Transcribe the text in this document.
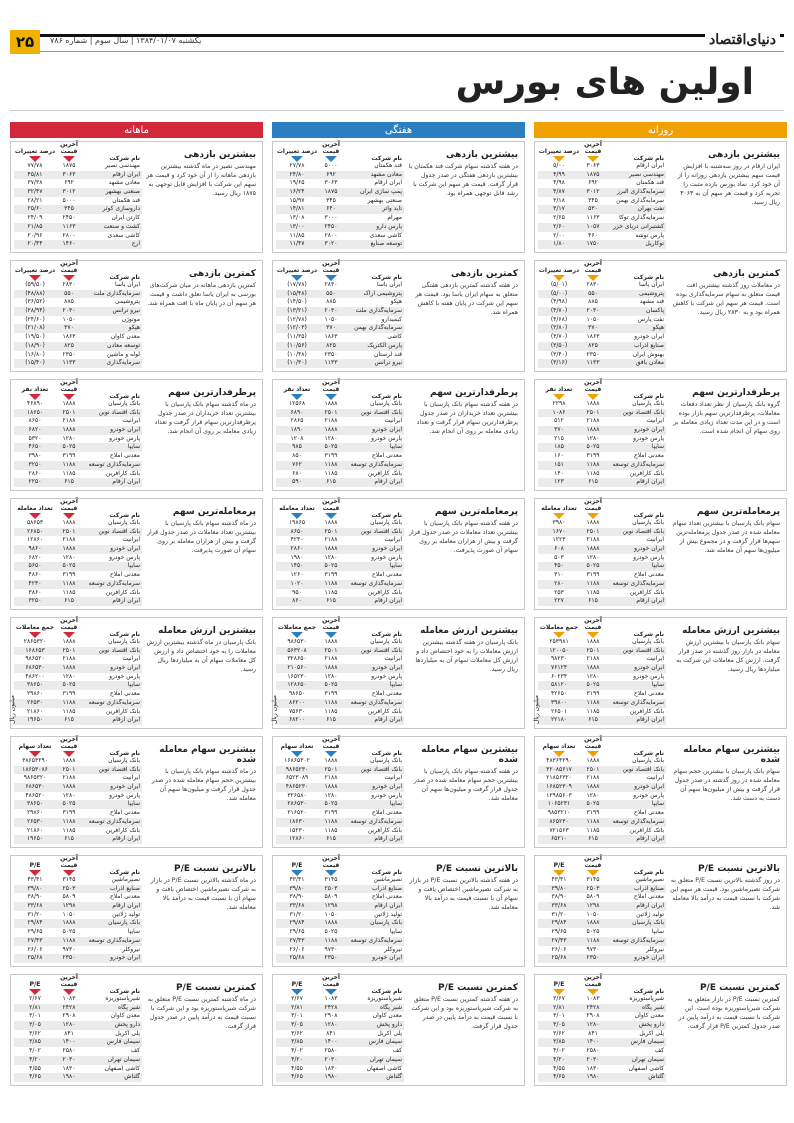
۲۵	یکشنبه ۱۳۸۴/۰۱/۰۷ | سال سوم | شماره ۷۸۶	دنیای‌اقتصاد
اولین های بورس
روزانه
درصد تغییرات
آخرین قیمت
نام شرکت
۵/۰۰	۳۰۶۳	ایران ارقام
۴/۹۹	۱۸۷۵	مهندسی نصیر
۴/۹۸	۶۹۲	قند هکمتان
۴/۸۷	۳۰۱۲	سرمایه‌گذاری البرز
۳/۱۸	۳۴۵	سرمایه‌گذاری بهمن
۳/۱۷	۵۳۰	نفت بهران
۲/۶۵	۱۱۶۳	سرمایه‌گذاری توکا
۲/۶۰	۱۰۵۷	کشتیرانی دریای خزر
۲/۰۰	۴۶۰	پارس توشه
۱/۸۰	۱۷۵۰	توکاریل
بیشترین بازدهی
ایران ارقام در روز سه‌شنبه با افزایش قیمت سهم بیشترین بازدهی روزانه را از آن خود کرد. نماد بورس بازده مثبت را تجربه کرد و قیمت هر سهم آن به ۳۰۶۳ ریال رسید.
درصد تغییرات
آخرین قیمت
نام شرکت
(۵/۰۱)	۲۸۳۰	ایران یاسا
(۵/۰۰)	۵۵۰	پتروشیمی
(۴/۹۸)	۸۸۵	قند مشهد
(۴/۷۰)	۲۰۳۰	پاکسان
(۴/۶۸)	۱۰۵۰	نفت پارس
(۳/۸۰)	۳۷۰	هپکو
(۳/۷۰)	۱۸۶۳	ایران خودرو
(۳/۵۰)	۸۲۵	صنایع آذرآب
(۳/۴۰)	۲۳۵۰	بهنوش ایران
(۳/۱۶)	۱۱۳۳	معادن بافق
کمترین بازدهی
در معاملات روز گذشته بیشترین افت قیمت متعلق به سهام سرمایه‌گذاری بوده است. قیمت هر سهم این شرکت با کاهش همراه بود و به ۲۸۳۰ ریال رسید.
تعداد نفر
آخرین قیمت
نام شرکت
۲۲۹۸	۱۸۸۸	بانک پارسیان
۱۰۸۶	۲۵۰۱	بانک اقتصاد نوین
۵۱۲	۲۱۸۸	ایرانیت
۳۷۰	۱۸۸۸	ایران خودرو
۲۱۵	۱۲۸۰	پارس خودرو
۱۸۵	۵۰۲۵	سایپا
۱۶۰	۳۱۹۹	معدنی املاح
۱۵۱	۱۱۸۸	سرمایه‌گذاری توسعه
۱۴۰	۱۱۸۵	بانک کارآفرین
۱۲۳	۶۱۵	ایران ارقام
پرطرفدارترین سهم
گروه بانک پارسیان از نظر تعداد دفعات معاملات، پرطرفدارترین سهم بازار بوده است و در این مدت تعداد زیادی معامله بر روی سهام آن انجام شده است.
تعداد معامله
آخرین قیمت
نام شرکت
۳۹۸۰	۱۸۸۸	بانک پارسیان
۱۶۷۰	۲۵۰۱	بانک اقتصاد نوین
۱۲۲۳	۲۱۸۸	ایرانیت
۶۰۸	۱۸۸۸	ایران خودرو
۵۰۳	۱۲۸۰	پارس خودرو
۴۵۰	۵۰۲۵	سایپا
۳۱۰	۳۱۹۹	معدنی املاح
۲۸۰	۱۱۸۸	سرمایه‌گذاری توسعه
۲۵۳	۱۱۸۵	بانک کارآفرین
۲۲۷	۶۱۵	ایران ارقام
پرمعامله‌ترین سهم
سهام بانک پارسیان با بیشترین تعداد سهام معامله شده در صدر جدول پرمعامله‌ترین سهم‌ها قرار گرفت و در مجموع بیش از میلیون‌ها سهم آن معامله شد.
جمع معاملات
آخرین قیمت
نام شرکت
۲۵۳۹۸۱	۱۸۸۸	بانک پارسیان
۱۲۰۰۵۰	۲۵۰۱	بانک اقتصاد نوین
۹۸۲۳۰	۲۱۸۸	ایرانیت
۷۶۱۲۴	۱۸۸۸	ایران خودرو
۶۰۲۳۴	۱۲۸۰	پارس خودرو
۵۸۱۲۰	۵۰۲۵	سایپا
۴۲۶۵۰	۳۱۹۹	معدنی املاح
۳۹۸۰۰	۱۱۸۸	سرمایه‌گذاری توسعه
۲۶۵۰۱	۱۱۸۵	بانک کارآفرین
۲۲۱۸۰	۶۱۵	ایران ارقام
بیشترین ارزش معامله
سهام بانک پارسیان با بیشترین ارزش معامله در بازار روز گذشته در صدر قرار گرفت. ارزش کل معاملات این شرکت به میلیاردها ریال رسید.
میلیون ریال
تعداد سهام
آخرین قیمت
نام شرکت
۴۸۳۶۴۲۹۰	۱۸۸۸	بانک پارسیان
۳۲۰۸۵۶۱۷	۲۵۰۱	بانک اقتصاد نوین
۲۱۸۵۶۳۲۰	۲۱۸۸	ایرانیت
۱۶۸۵۲۳۰۹	۱۸۸۸	ایران خودرو
۱۲۹۸۵۶۰۳	۱۲۸۰	پارس خودرو
۱۰۶۵۲۳۱	۵۰۲۵	سایپا
۹۸۵۳۲۱۰	۳۱۹۹	معدنی املاح
۸۶۵۲۳۰	۱۱۸۸	سرمایه‌گذاری توسعه
۷۲۱۵۶۳	۱۱۸۵	بانک کارآفرین
۶۵۲۱۰	۶۱۵	ایران ارقام
بیشترین سهام معامله شده
سهام بانک پارسیان با بیشترین حجم سهام معامله شده در روز گذشته در صدر جدول قرار گرفت و بیش از میلیون‌ها سهم آن دست به دست شد.
P/E
آخرین قیمت
نام شرکت
۴۳/۴۱	۳۱۴۵	نصیرماشین
۳۹/۸۰	۲۵۰۳	صنایع آذرآب
۳۸/۹۰	۵۸۰۹	معدنی املاح
۳۳/۶۸	۱۲۹۸	ایران ارقام
۳۱/۲۰	۱۰۵۰	تولید ژلاتین
۲۹/۸۴	۱۸۸۸	بانک پارسیان
۲۹/۶۵	۵۰۲۵	سایپا
۲۷/۴۳	۱۱۸۸	سرمایه‌گذاری توسعه
۲۶/۰۶	۹۷۳۰	نیروکلر
۲۵/۶۸	۲۳۵۰	ایران خودرو
بالاترین نسبت P/E
در روز گذشته بالاترین نسبت P/E متعلق به شرکت نصیرماشین بود. قیمت هر سهم این شرکت با نسبت قیمت به درآمد بالا معامله شد.
P/E
آخرین قیمت
نام شرکت
۲/۶۷	۱۰۸۳	شیرپاستوریزه
۲/۸۱	۲۴۲۸	شیر پگاه
۳/۰۱	۲۹۰۸	معدن کاوان
۳/۰۵	۱۲۸۰	دارو پخش
۳/۶۲	۸۴۱	پلی اکریل
۳/۸۵	۱۴۰۰	سیمان فارس
۴/۰۲	۲۵۸۰	کف
۴/۲۰	۲۰۳۰	سیمان تهران
۴/۵۵	۱۸۳۰	کاشی اصفهان
۴/۶۵	۱۹۸۰	گلتاش
کمترین نسبت P/E
کمترین نسبت P/E در بازار متعلق به شرکت شیرپاستوریزه بوده است. این شرکت با نسبت قیمت به درآمد پایین در صدر جدول کمترین P/E قرار گرفت.
هفتگی
درصد تغییرات
آخرین قیمت
نام شرکت
۲۷/۷۸	۵۰۰۰	قند هکمتان
۲۴/۸۰	۶۹۲	معادن مشهد
۱۹/۶۵	۳۰۶۳	ایران ارقام
۱۶/۲۴	۱۸۷۵	پمپ سازی ایران
۱۵/۹۷	۳۴۵	صنعتی بهشهر
۱۴/۸۱	۶۴۰	تاید واتر
۱۳/۰۸	۳۰۰۰	مهرام
۱۳/۰۰	۲۴۵۰	پارس دارو
۱۱/۸۵	۲۸۰۰	کاشی سعدی
۱۱/۴۷	۳۰۲۰	توسعه صنایع
بیشترین بازدهی
در هفته گذشته سهام شرکت قند هکمتان با بیشترین بازدهی هفتگی در صدر جدول قرار گرفت. قیمت هر سهم این شرکت با رشد قابل توجهی همراه بود.
درصد تغییرات
آخرین قیمت
نام شرکت
(۱۷/۷۸)	۲۸۳۰	ایران یاسا
(۱۵/۴۸)	۵۵۰	پتروشیمی اراک
(۱۴/۵۰)	۸۸۵	هپکو
(۱۳/۲۱)	۲۰۳۰	سرمایه‌گذاری ملت
(۱۲/۷۸)	۱۰۵۰	کیمیدارو
(۱۲/۰۳)	۳۷۰	سرمایه‌گذاری بهمن
(۱۱/۳۵)	۱۸۶۳	کاشی
(۱۰/۵۶)	۸۲۵	پارس الکتریک
(۱۰/۴۸)	۲۳۵۰	قند لرستان
(۱۰/۳۰)	۱۱۳۳	نیرو ترانس
کمترین بازدهی
در هفته گذشته کمترین بازدهی هفتگی متعلق به سهام ایران یاسا بود. قیمت هر سهم این شرکت در پایان هفته با کاهش همراه شد.
تعداد نفر
آخرین قیمت
نام شرکت
۱۲۵۶۸	۱۸۸۸	بانک پارسیان
۶۸۹۰	۲۵۰۱	بانک اقتصاد نوین
۲۸۶۵	۲۱۸۸	ایرانیت
۱۸۹۰	۱۸۸۸	ایران خودرو
۱۲۰۸	۱۲۸۰	پارس خودرو
۹۸۵	۵۰۲۵	سایپا
۸۵۰	۳۱۹۹	معدنی املاح
۷۶۲	۱۱۸۸	سرمایه‌گذاری توسعه
۶۸۰	۱۱۸۵	بانک کارآفرین
۵۹۰	۶۱۵	ایران ارقام
پرطرفدارترین سهم
در هفته گذشته سهام بانک پارسیان با بیشترین تعداد خریداران در صدر جدول پرطرفدارترین سهام قرار گرفت و تعداد زیادی معامله بر روی آن انجام شد.
تعداد معامله
آخرین قیمت
نام شرکت
۱۹۸۶۵	۱۸۸۸	بانک پارسیان
۸۶۵۰	۲۵۰۱	بانک اقتصاد نوین
۴۲۳۰	۲۱۸۸	ایرانیت
۲۸۶۰	۱۸۸۸	ایران خودرو
۱۹۸۰	۱۲۸۰	پارس خودرو
۱۴۵۰	۵۰۲۵	سایپا
۱۲۶۰	۳۱۹۹	معدنی املاح
۱۰۲۰	۱۱۸۸	سرمایه‌گذاری توسعه
۹۵۰	۱۱۸۵	بانک کارآفرین
۸۶۰	۶۱۵	ایران ارقام
پرمعامله‌ترین سهم
در هفته گذشته سهام بانک پارسیان با بیشترین تعداد معاملات در صدر جدول قرار گرفت و بیش از هزاران معامله بر روی سهام آن صورت پذیرفت.
جمع معاملات
آخرین قیمت
نام شرکت
۹۸۶۵۳۰	۱۸۸۸	بانک پارسیان
۵۶۳۲۰۸	۲۵۰۱	بانک اقتصاد نوین
۳۲۸۶۵۰	۲۱۸۸	ایرانیت
۲۱۰۵۶۰	۱۸۸۸	ایران خودرو
۱۶۵۲۳۰	۱۲۸۰	پارس خودرو
۱۲۸۶۵۰	۵۰۲۵	سایپا
۹۸۶۵۰	۳۱۹۹	معدنی املاح
۸۶۲۰۰	۱۱۸۸	سرمایه‌گذاری توسعه
۷۵۶۳۰	۱۱۸۵	بانک کارآفرین
۶۸۲۰۰	۶۱۵	ایران ارقام
بیشترین ارزش معامله
بانک پارسیان در هفته گذشته بیشترین ارزش معاملات را به خود اختصاص داد و ارزش کل معاملات سهام آن به میلیاردها ریال رسید.
میلیون ریال
تعداد سهام
آخرین قیمت
نام شرکت
۱۶۸۶۵۳۰۲	۱۸۸۸	بانک پارسیان
۹۸۶۵۲۳۰	۲۵۰۱	بانک اقتصاد نوین
۶۵۲۳۰۸۹	۲۱۸۸	ایرانیت
۴۸۶۵۲۳۰	۱۸۸۸	ایران خودرو
۳۲۶۵۸۰	۱۲۸۰	پارس خودرو
۲۸۶۵۳۰	۵۰۲۵	سایپا
۲۱۶۵۲۰	۳۱۹۹	معدنی املاح
۱۸۶۳۰	۱۱۸۸	سرمایه‌گذاری توسعه
۱۵۲۳۰	۱۱۸۵	بانک کارآفرین
۱۲۸۶۰	۶۱۵	ایران ارقام
بیشترین سهام معامله شده
در هفته گذشته سهام بانک پارسیان با بیشترین حجم سهام معامله شده در صدر جدول قرار گرفت و میلیون‌ها سهم آن معامله شد.
P/E
آخرین قیمت
نام شرکت
۴۳/۴۱	۳۱۴۵	نصیرماشین
۳۹/۸۰	۲۵۰۳	صنایع آذرآب
۳۸/۹۰	۵۸۰۹	معدنی املاح
۳۳/۶۸	۱۲۹۸	ایران ارقام
۳۱/۲۰	۱۰۵۰	تولید ژلاتین
۲۹/۸۴	۱۸۸۸	بانک پارسیان
۲۹/۶۵	۵۰۲۵	سایپا
۲۷/۴۳	۱۱۸۸	سرمایه‌گذاری توسعه
۲۶/۰۶	۹۷۳۰	نیروکلر
۲۵/۶۸	۲۳۵۰	ایران خودرو
بالاترین نسبت P/E
در هفته گذشته بالاترین نسبت P/E در بازار به شرکت نصیرماشین اختصاص یافت و سهام آن با نسبت قیمت به درآمد بالا معامله شد.
P/E
آخرین قیمت
نام شرکت
۲/۶۷	۱۰۸۳	شیرپاستوریزه
۲/۸۱	۲۴۲۸	شیر پگاه
۳/۰۱	۲۹۰۸	معدن کاوان
۳/۰۵	۱۲۸۰	دارو پخش
۳/۶۲	۸۴۱	پلی اکریل
۳/۸۵	۱۴۰۰	سیمان فارس
۴/۰۲	۲۵۸۰	کف
۴/۲۰	۲۰۳۰	سیمان تهران
۴/۵۵	۱۸۳۰	کاشی اصفهان
۴/۶۵	۱۹۸۰	گلتاش
کمترین نسبت P/E
در هفته گذشته کمترین نسبت P/E متعلق به شرکت شیرپاستوریزه بود و این شرکت با نسبت قیمت به درآمد پایین در صدر جدول قرار گرفت.
ماهانه
درصد تغییرات
آخرین قیمت
نام شرکت
۷۷/۷۸	۱۸۷۵	مهندسی نصیر
۴۵/۸۱	۳۰۶۳	ایران ارقام
۳۷/۳۸	۶۹۲	معادن مشهد
۳۲/۴۷	۳۰۱۲	صنعتی بهشهر
۲۸/۲۱	۵۰۰۰	قند هکمتان
۲۵/۶۰	۳۴۵	داروسازی کوثر
۲۴/۰۹	۲۴۵۰	کارتن ایران
۲۱/۸۵	۱۱۶۳	کشت و صنعت
۲۰/۹۶	۲۸۰۰	کاشی سعدی
۲۰/۴۴	۱۴۶۰	ارج
بیشترین بازدهی
مهندسی نصیر در ماه گذشته بیشترین بازدهی ماهانه را از آن خود کرد و قیمت هر سهم این شرکت با افزایش قابل توجهی به ۱۸۷۵ ریال رسید.
درصد تغییرات
آخرین قیمت
نام شرکت
(۵۹/۵۰)	۲۸۳۰	ایران یاسا
(۴۸/۸۸)	۵۵۰	سرمایه‌گذاری ملت
(۳۶/۵۲)	۸۸۵	پتروشیمی
(۲۸/۹۴)	۲۰۳۰	نیرو ترانس
(۲۴/۶۰)	۱۰۵۰	موتوژن
(۲۱/۰۸)	۳۷۰	هپکو
(۱۹/۵۰)	۱۸۶۳	معدن کاوان
(۱۸/۹۰)	۸۲۵	توسعه معادن
(۱۶/۸۰)	۲۳۵۰	لوله و ماشین
(۱۵/۴۰)	۱۱۳۳	سرمایه‌گذاری
کمترین بازدهی
کمترین بازدهی ماهانه در میان شرکت‌های بورسی به ایران یاسا تعلق داشت و قیمت هر سهم آن در پایان ماه با افت همراه شد.
تعداد نفر
آخرین قیمت
نام شرکت
۴۶۸۹۰	۱۸۸۸	بانک پارسیان
۱۸۶۵۰	۲۵۰۱	بانک اقتصاد نوین
۸۶۵۰	۲۱۸۸	ایرانیت
۶۸۲۰	۱۸۸۸	ایران خودرو
۵۳۲۰	۱۲۸۰	پارس خودرو
۴۶۵۰	۵۰۲۵	سایپا
۳۹۸۰	۳۱۹۹	معدنی املاح
۳۲۵۰	۱۱۸۸	سرمایه‌گذاری توسعه
۲۸۶۰	۱۱۸۵	بانک کارآفرین
۲۲۵۰	۶۱۵	ایران ارقام
پرطرفدارترین سهم
در ماه گذشته سهام بانک پارسیان با بیشترین تعداد خریداران در صدر جدول پرطرفدارترین سهام قرار گرفت و تعداد زیادی معامله بر روی آن انجام شد.
تعداد معامله
آخرین قیمت
نام شرکت
۵۸۶۵۳	۱۸۸۸	بانک پارسیان
۲۶۸۵۰	۲۵۰۱	بانک اقتصاد نوین
۱۲۸۶۰	۲۱۸۸	ایرانیت
۹۸۶۰	۱۸۸۸	ایران خودرو
۶۸۲۰	۱۲۸۰	پارس خودرو
۵۶۵۰	۵۰۲۵	سایپا
۴۸۶۰	۳۱۹۹	معدنی املاح
۴۲۳۰	۱۱۸۸	سرمایه‌گذاری توسعه
۳۸۶۰	۱۱۸۵	بانک کارآفرین
۳۲۵۰	۶۱۵	ایران ارقام
پرمعامله‌ترین سهم
در ماه گذشته سهام بانک پارسیان با بیشترین تعداد معاملات در صدر جدول قرار گرفت و بیش از هزاران معامله بر روی سهام آن صورت پذیرفت.
جمع معاملات
آخرین قیمت
نام شرکت
۲۸۶۵۳۲۰	۱۸۸۸	بانک پارسیان
۱۶۸۶۵۳	۲۵۰۱	بانک اقتصاد نوین
۹۸۶۵۲۰	۲۱۸۸	ایرانیت
۶۸۶۵۳۰	۱۸۸۸	ایران خودرو
۴۸۶۲۰۰	۱۲۸۰	پارس خودرو
۳۸۶۵۰	۵۰۲۵	سایپا
۲۹۸۶۰	۳۱۹۹	معدنی املاح
۲۶۵۳۰	۱۱۸۸	سرمایه‌گذاری توسعه
۲۱۸۶۰	۱۱۸۵	بانک کارآفرین
۱۹۶۵۰	۶۱۵	ایران ارقام
بیشترین ارزش معامله
بانک پارسیان در ماه گذشته بیشترین ارزش معاملات را به خود اختصاص داد و ارزش کل معاملات سهام آن به میلیاردها ریال رسید.
میلیون ریال
تعداد سهام
آخرین قیمت
نام شرکت
۳۸۶۵۳۲۹۰	۱۸۸۸	بانک پارسیان
۱۸۶۵۳۰۸۶	۲۵۰۱	بانک اقتصاد نوین
۹۸۶۵۳۲۰	۲۱۸۸	ایرانیت
۶۸۶۵۳۰	۱۸۸۸	ایران خودرو
۴۸۶۵۲۰	۱۲۸۰	پارس خودرو
۳۸۶۵۰	۵۰۲۵	سایپا
۲۹۸۶۰	۳۱۹۹	معدنی املاح
۲۶۵۳۰	۱۱۸۸	سرمایه‌گذاری توسعه
۲۱۸۶۰	۱۱۸۵	بانک کارآفرین
۱۹۶۵۰	۶۱۵	ایران ارقام
بیشترین سهام معامله شده
در ماه گذشته سهام بانک پارسیان با بیشترین حجم سهام معامله شده در صدر جدول قرار گرفت و میلیون‌ها سهم آن معامله شد.
P/E
آخرین قیمت
نام شرکت
۴۳/۴۱	۳۱۴۵	نصیرماشین
۳۹/۸۰	۲۵۰۳	صنایع آذرآب
۳۸/۹۰	۵۸۰۹	معدنی املاح
۳۳/۶۸	۱۲۹۸	ایران ارقام
۳۱/۲۰	۱۰۵۰	تولید ژلاتین
۲۹/۸۴	۱۸۸۸	بانک پارسیان
۲۹/۶۵	۵۰۲۵	سایپا
۲۷/۴۳	۱۱۸۸	سرمایه‌گذاری توسعه
۲۶/۰۶	۹۷۳۰	نیروکلر
۲۵/۶۸	۲۳۵۰	ایران خودرو
بالاترین نسبت P/E
در ماه گذشته بالاترین نسبت P/E در بازار به شرکت نصیرماشین اختصاص یافت و سهام آن با نسبت قیمت به درآمد بالا معامله شد.
P/E
آخرین قیمت
نام شرکت
۲/۶۷	۱۰۸۳	شیرپاستوریزه
۲/۸۱	۲۴۲۸	شیر پگاه
۳/۰۱	۲۹۰۸	معدن کاوان
۳/۰۵	۱۲۸۰	دارو پخش
۳/۶۲	۸۴۱	پلی اکریل
۳/۸۵	۱۴۰۰	سیمان فارس
۴/۰۲	۲۵۸۰	کف
۴/۲۰	۲۰۳۰	سیمان تهران
۴/۵۵	۱۸۳۰	کاشی اصفهان
۴/۶۵	۱۹۸۰	گلتاش
کمترین نسبت P/E
در ماه گذشته کمترین نسبت P/E متعلق به شرکت شیرپاستوریزه بود و این شرکت با نسبت قیمت به درآمد پایین در صدر جدول قرار گرفت.
